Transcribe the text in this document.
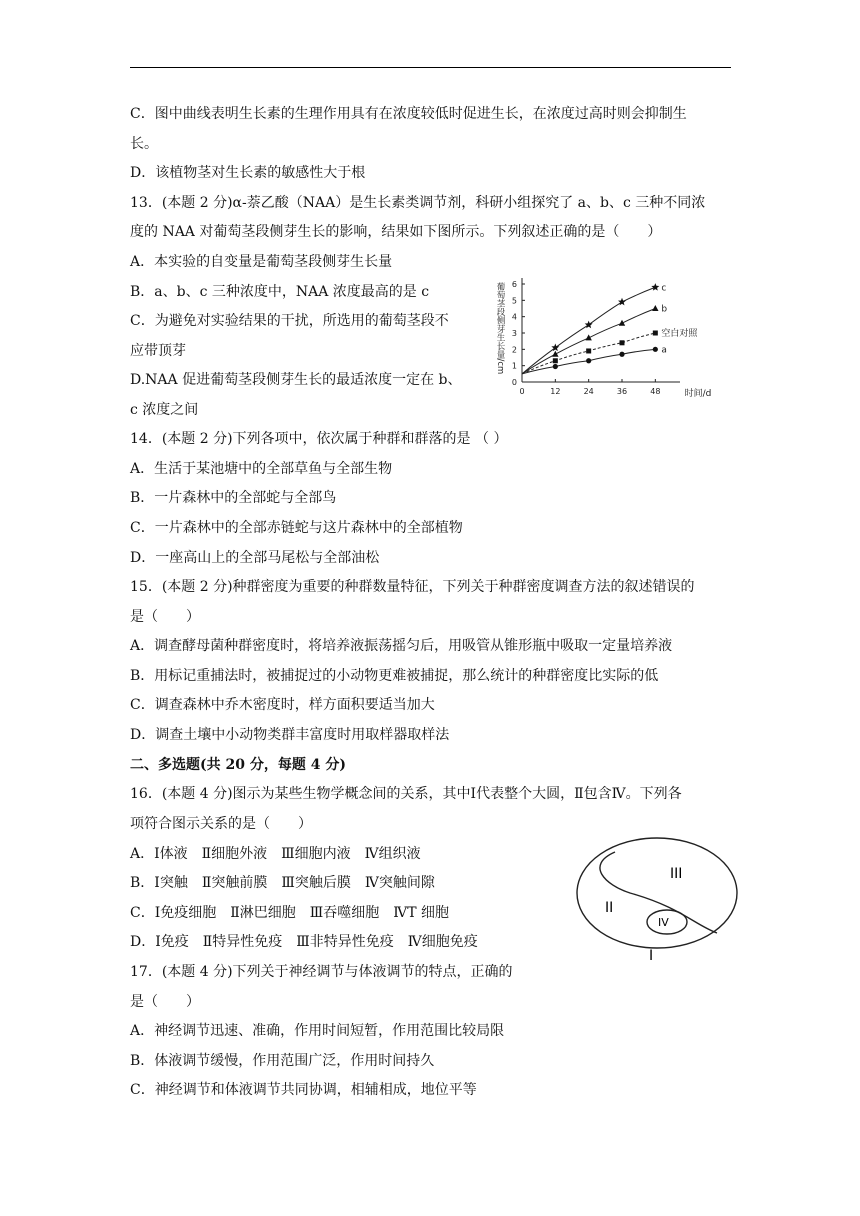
C．图中曲线表明生长素的生理作用具有在浓度较低时促进生长，在浓度过高时则会抑制生
长。
D．该植物茎对生长素的敏感性大于根
13．(本题 2 分)α-萘乙酸（NAA）是生长素类调节剂，科研小组探究了 a、b、c 三种不同浓
度的 NAA 对葡萄茎段侧芽生长的影响，结果如下图所示。下列叙述正确的是（　　）
A．本实验的自变量是葡萄茎段侧芽生长量
B．a、b、c 三种浓度中，NAA 浓度最高的是 c
C．为避免对实验结果的干扰，所选用的葡萄茎段不
应带顶芽
D.NAA 促进葡萄茎段侧芽生长的最适浓度一定在 b、
c 浓度之间
14．(本题 2 分)下列各项中，依次属于种群和群落的是 （ ）
A．生活于某池塘中的全部草鱼与全部生物
B．一片森林中的全部蛇与全部鸟
C．一片森林中的全部赤链蛇与这片森林中的全部植物
D．一座高山上的全部马尾松与全部油松
15．(本题 2 分)种群密度为重要的种群数量特征，下列关于种群密度调查方法的叙述错误的
是（　　）
A．调查酵母菌种群密度时，将培养液振荡摇匀后，用吸管从锥形瓶中吸取一定量培养液
B．用标记重捕法时，被捕捉过的小动物更难被捕捉，那么统计的种群密度比实际的低
C．调查森林中乔木密度时，样方面积要适当加大
D．调查土壤中小动物类群丰富度时用取样器取样法
二、多选题(共 20 分，每题 4 分)
16．(本题 4 分)图示为某些生物学概念间的关系，其中Ⅰ代表整个大圆，Ⅱ包含Ⅳ。下列各
项符合图示关系的是（　　）
A．Ⅰ体液　Ⅱ细胞外液　Ⅲ细胞内液　Ⅳ组织液
B．Ⅰ突触　Ⅱ突触前膜　Ⅲ突触后膜　Ⅳ突触间隙
C．Ⅰ免疫细胞　Ⅱ淋巴细胞　Ⅲ吞噬细胞　ⅣT 细胞
D．Ⅰ免疫　Ⅱ特异性免疫　Ⅲ非特异性免疫　Ⅳ细胞免疫
17．(本题 4 分)下列关于神经调节与体液调节的特点，正确的
是（　　）
A．神经调节迅速、准确，作用时间短暂，作用范围比较局限
B．体液调节缓慢，作用范围广泛，作用时间持久
C．神经调节和体液调节共同协调，相辅相成，地位平等
0
1
2
3
4
5
6
0	12	24	36	48	时间/d
葡萄茎段侧芽生长量/cm	c
b
空白对照
a
III
II
IV
I
